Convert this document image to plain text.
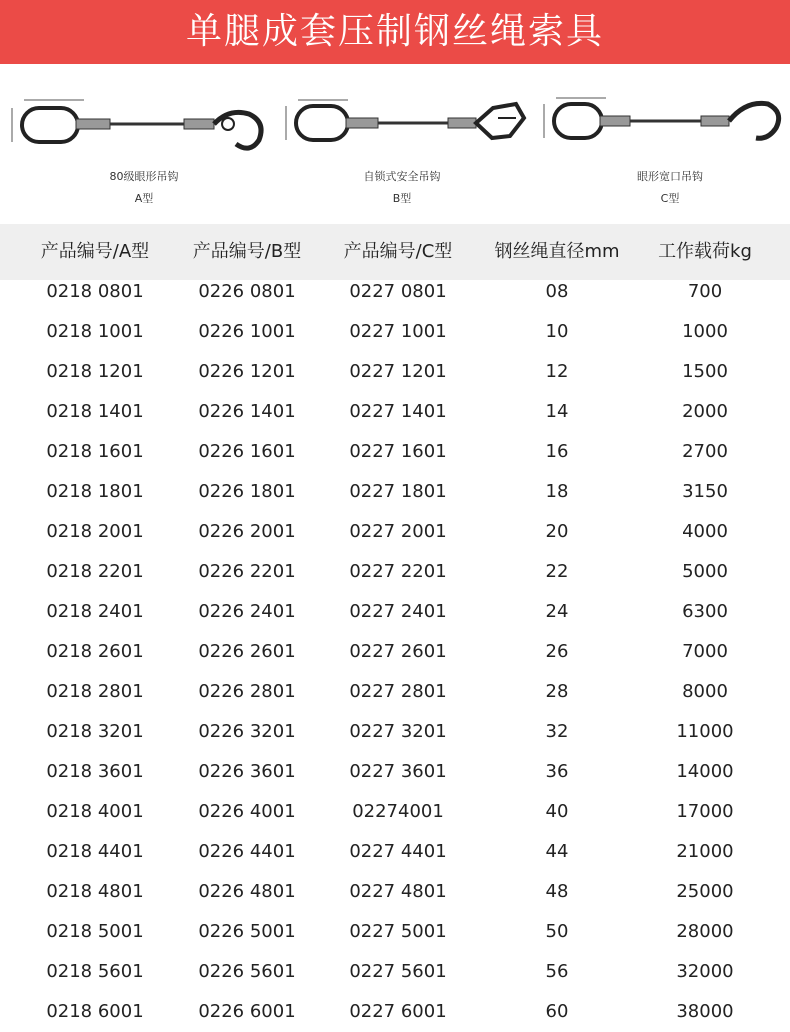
单腿成套压制钢丝绳索具
80级眼形吊钩
A型
自锁式安全吊钩
B型
眼形宽口吊钩
C型
产品编号/A型	产品编号/B型	产品编号/C型	钢丝绳直径mm	工作载荷kg
0218 0801	0226 0801	0227 0801	08	700
0218 1001	0226 1001	0227 1001	10	1000
0218 1201	0226 1201	0227 1201	12	1500
0218 1401	0226 1401	0227 1401	14	2000
0218 1601	0226 1601	0227 1601	16	2700
0218 1801	0226 1801	0227 1801	18	3150
0218 2001	0226 2001	0227 2001	20	4000
0218 2201	0226 2201	0227 2201	22	5000
0218 2401	0226 2401	0227 2401	24	6300
0218 2601	0226 2601	0227 2601	26	7000
0218 2801	0226 2801	0227 2801	28	8000
0218 3201	0226 3201	0227 3201	32	11000
0218 3601	0226 3601	0227 3601	36	14000
0218 4001	0226 4001	02274001	40	17000
0218 4401	0226 4401	0227 4401	44	21000
0218 4801	0226 4801	0227 4801	48	25000
0218 5001	0226 5001	0227 5001	50	28000
0218 5601	0226 5601	0227 5601	56	32000
0218 6001	0226 6001	0227 6001	60	38000
